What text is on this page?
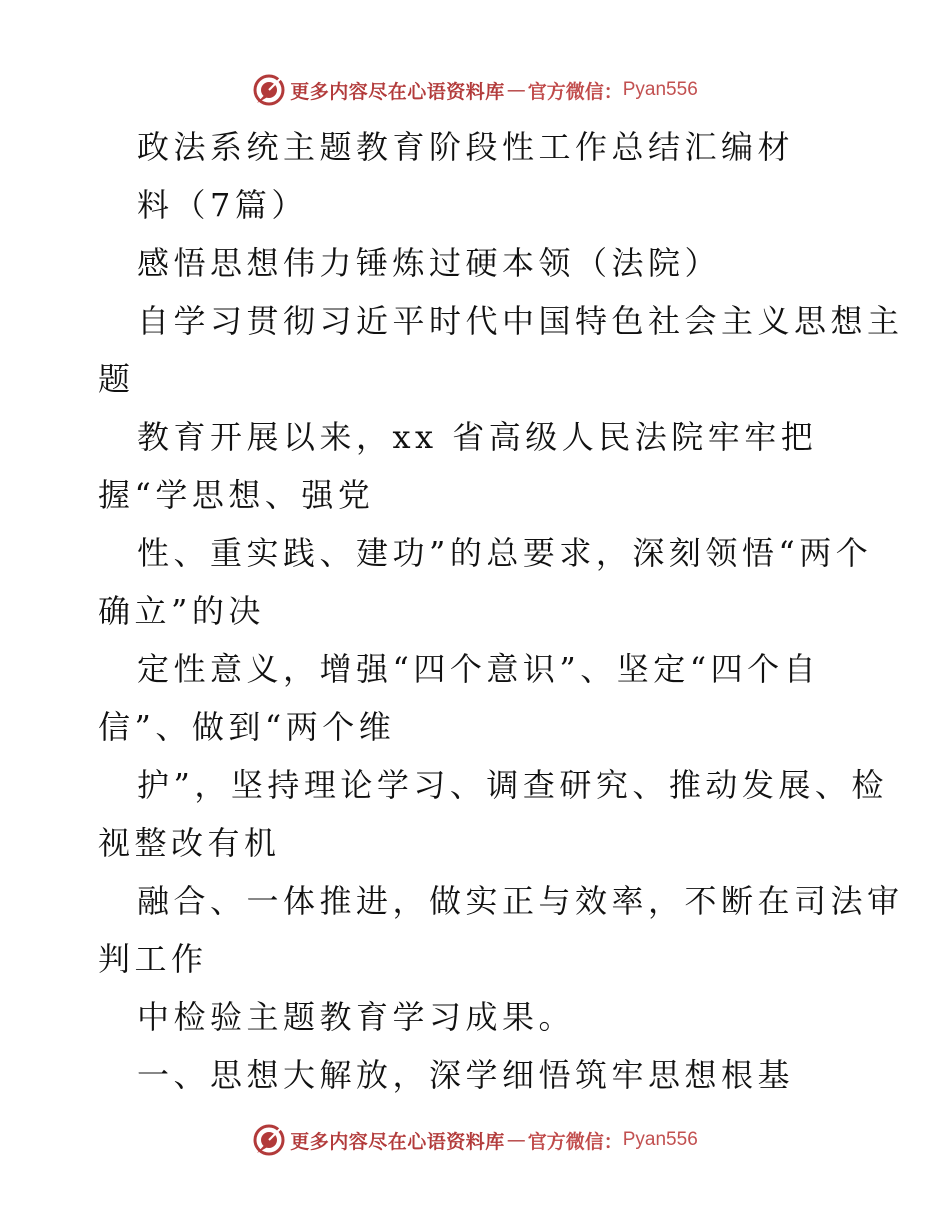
更多内容尽在心语资料库 — 官方微信： Pyan556
政法系统主题教育阶段性工作总结汇编材
料（7篇）
感悟思想伟力锤炼过硬本领（法院）
自学习贯彻习近平时代中国特色社会主义思想主
题
教育开展以来，xx 省高级人民法院牢牢把
握“学思想、强党
性、重实践、建功”的总要求，深刻领悟“两个
确立”的决
定性意义，增强“四个意识”、坚定“四个自
信”、做到“两个维
护”，坚持理论学习、调查研究、推动发展、检
视整改有机
融合、一体推进，做实正与效率，不断在司法审
判工作
中检验主题教育学习成果。
一、思想大解放，深学细悟筑牢思想根基
更多内容尽在心语资料库 — 官方微信： Pyan556
